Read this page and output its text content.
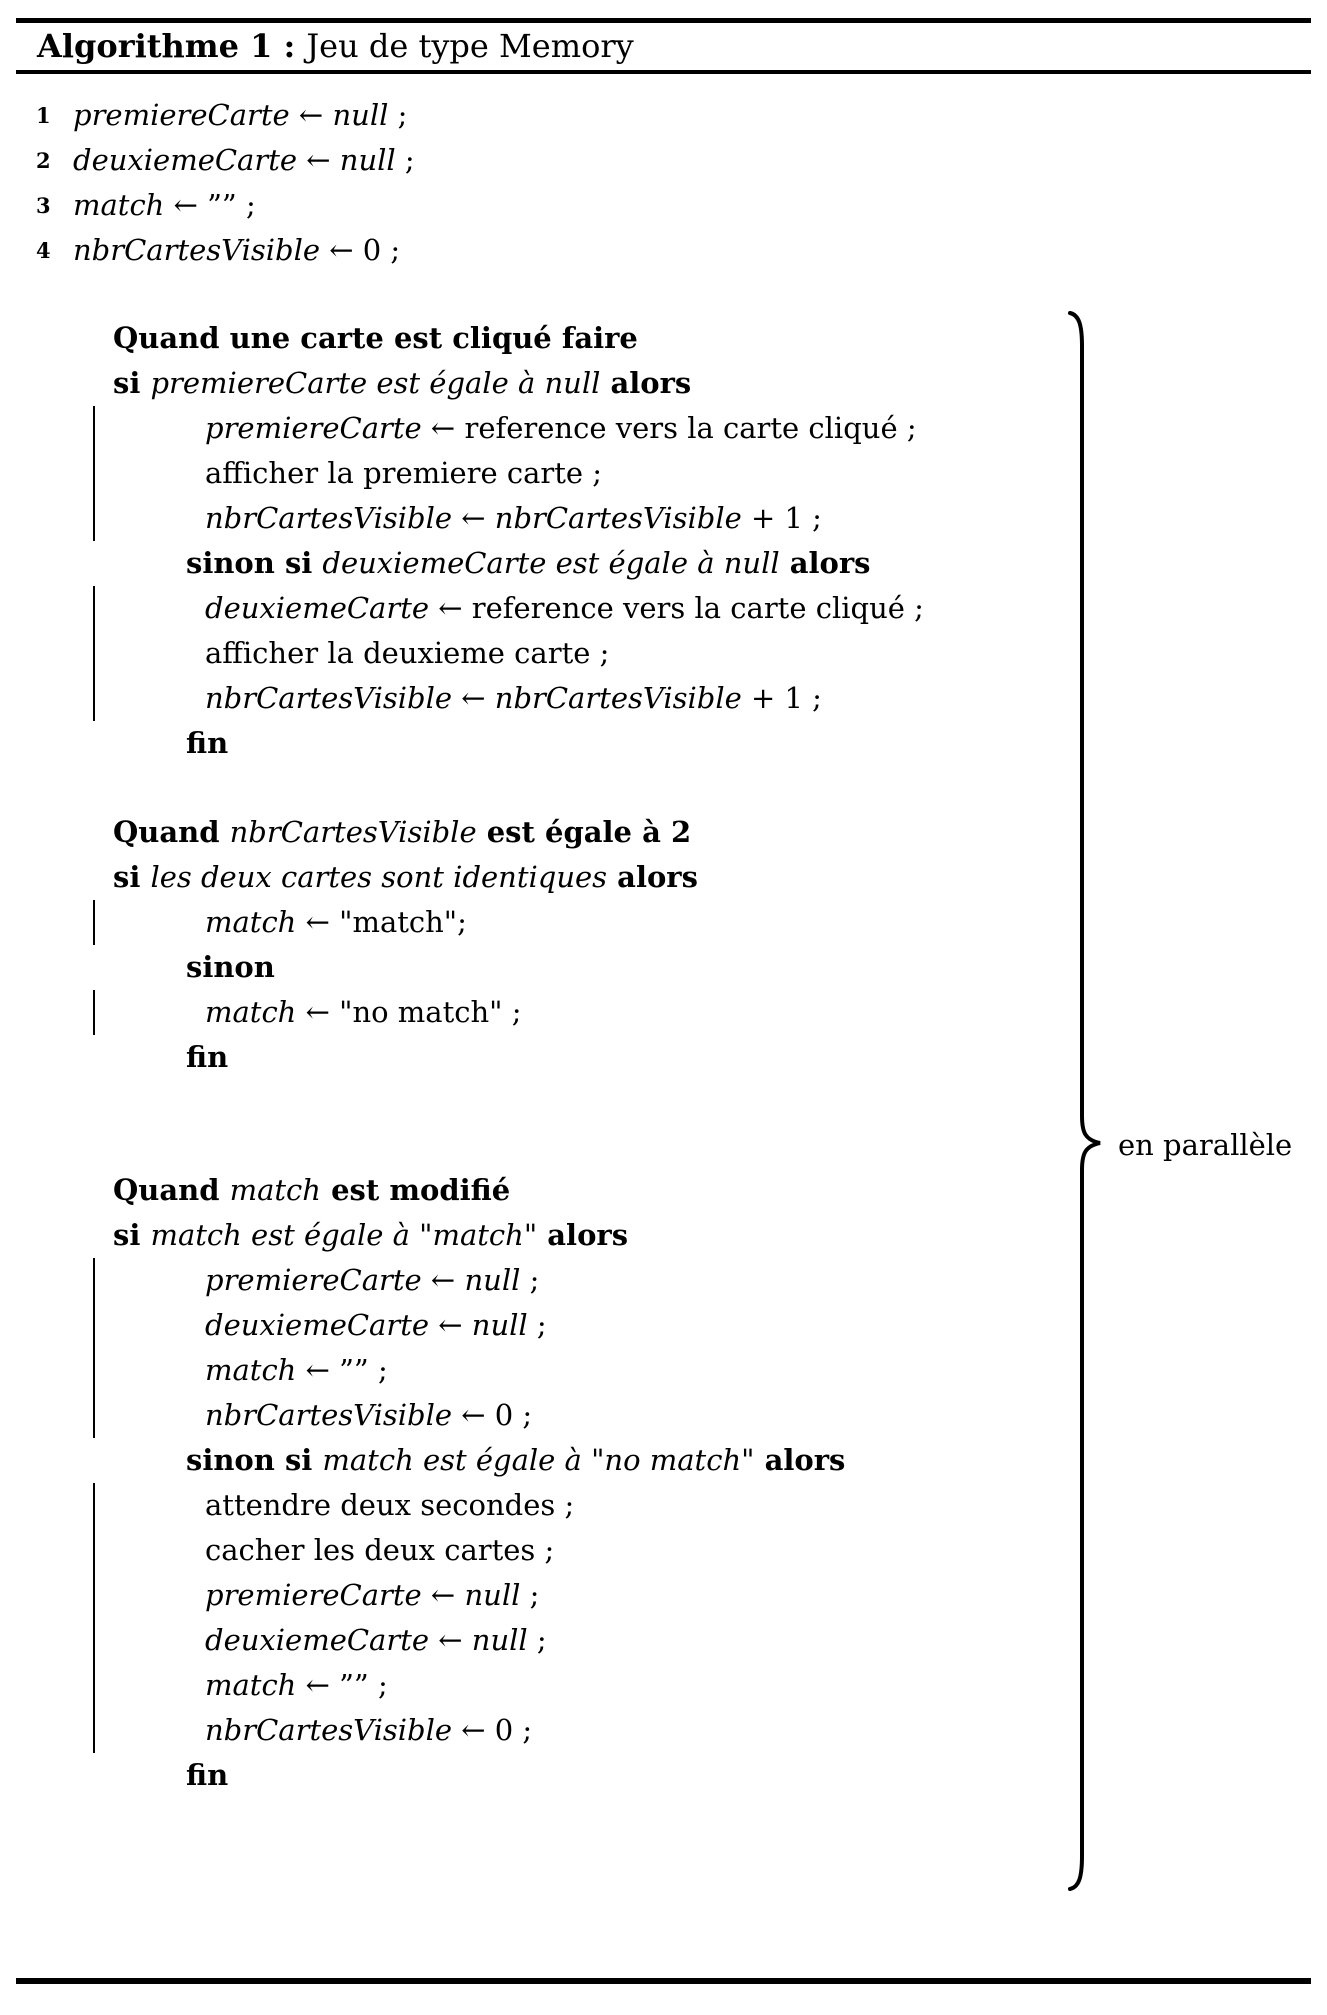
Algorithme 1 : Jeu de type Memory
1 premiereCarte ← null ;
2 deuxiemeCarte ← null ;
3 match ← ”” ;
4 nbrCartesVisible ← 0 ;
Quand une carte est cliqué faire
si premiereCarte est égale à null alors
premiereCarte ← reference vers la carte cliqué ;
afficher la premiere carte ;
nbrCartesVisible ← nbrCartesVisible + 1 ;
sinon si deuxiemeCarte est égale à null alors
deuxiemeCarte ← reference vers la carte cliqué ;
afficher la deuxieme carte ;
nbrCartesVisible ← nbrCartesVisible + 1 ;
fin
Quand nbrCartesVisible est égale à 2
si les deux cartes sont identiques alors
match ← "match";
sinon
match ← "no match" ;
fin
Quand match est modifié
si match est égale à "match" alors
premiereCarte ← null ;
deuxiemeCarte ← null ;
match ← ”” ;
nbrCartesVisible ← 0 ;
sinon si match est égale à "no match" alors
attendre deux secondes ;
cacher les deux cartes ;
premiereCarte ← null ;
deuxiemeCarte ← null ;
match ← ”” ;
nbrCartesVisible ← 0 ;
fin
en parallèle
